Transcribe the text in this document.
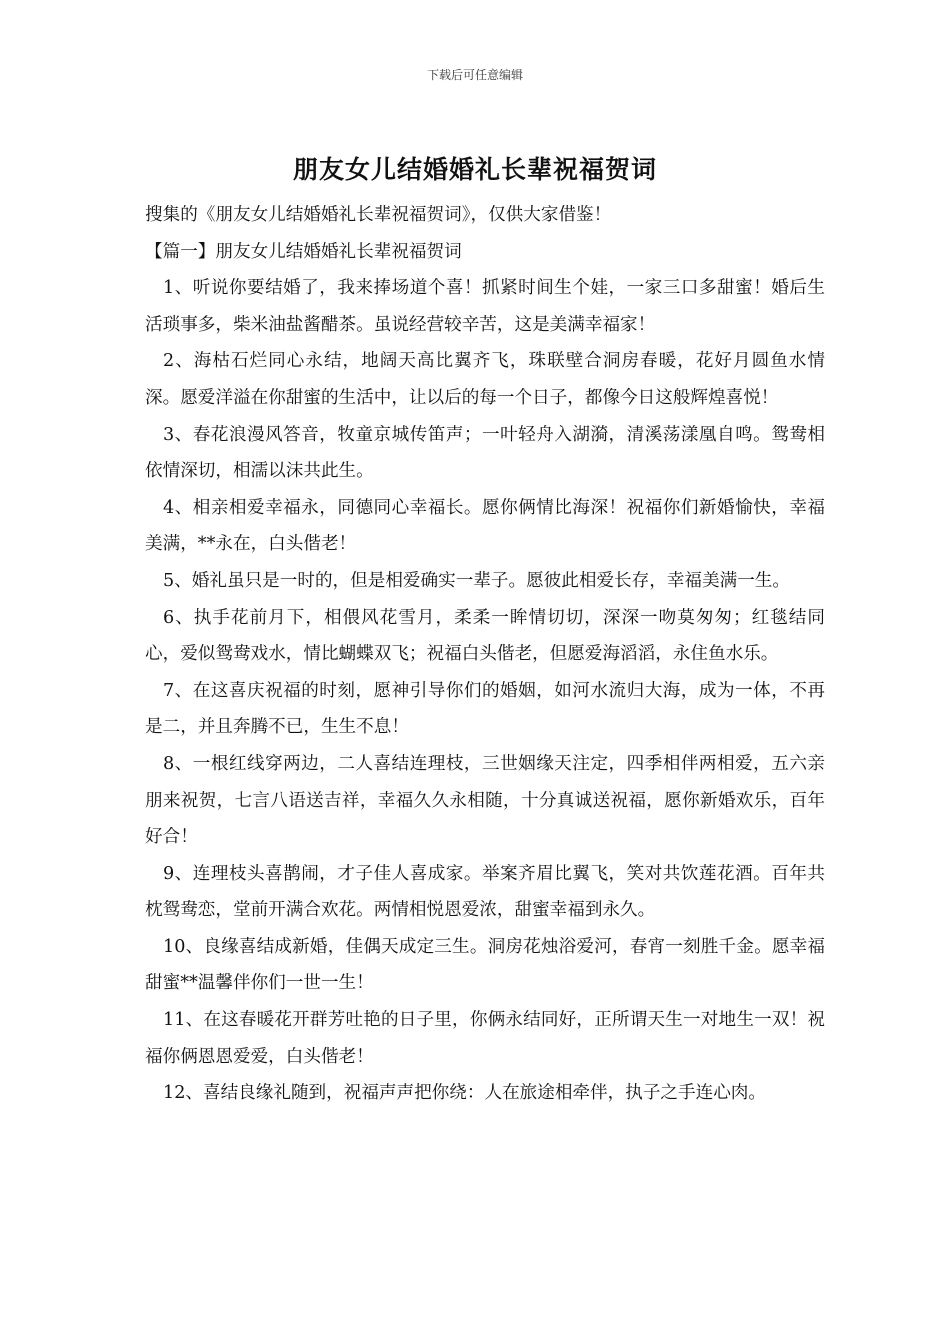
下载后可任意编辑
朋友女儿结婚婚礼长辈祝福贺词

搜集的《朋友女儿结婚婚礼长辈祝福贺词》，仅供大家借鉴！

【篇一】朋友女儿结婚婚礼长辈祝福贺词

1、听说你要结婚了，我来捧场道个喜！抓紧时间生个娃，一家三口多甜蜜！婚后生活琐事多，柴米油盐酱醋茶。虽说经营较辛苦，这是美满幸福家！

2、海枯石烂同心永结，地阔天高比翼齐飞，珠联壁合洞房春暖，花好月圆鱼水情深。愿爱洋溢在你甜蜜的生活中，让以后的每一个日子，都像今日这般辉煌喜悦！

3、春花浪漫风答音，牧童京城传笛声；一叶轻舟入湖漪，清溪荡漾凰自鸣。鸳鸯相依情深切，相濡以沫共此生。

4、相亲相爱幸福永，同德同心幸福长。愿你俩情比海深！祝福你们新婚愉快，幸福美满，**永在，白头偕老！

5、婚礼虽只是一时的，但是相爱确实一辈子。愿彼此相爱长存，幸福美满一生。

6、执手花前月下，相偎风花雪月，柔柔一眸情切切，深深一吻莫匆匆；红毯结同心，爱似鸳鸯戏水，情比蝴蝶双飞；祝福白头偕老，但愿爱海滔滔，永住鱼水乐。

7、在这喜庆祝福的时刻，愿神引导你们的婚姻，如河水流归大海，成为一体，不再是二，并且奔腾不已，生生不息！

8、一根红线穿两边，二人喜结连理枝，三世姻缘天注定，四季相伴两相爱，五六亲朋来祝贺，七言八语送吉祥，幸福久久永相随，十分真诚送祝福，愿你新婚欢乐，百年好合！

9、连理枝头喜鹊闹，才子佳人喜成家。举案齐眉比翼飞，笑对共饮莲花酒。百年共枕鸳鸯恋，堂前开满合欢花。两情相悦恩爱浓，甜蜜幸福到永久。

10、良缘喜结成新婚，佳偶天成定三生。洞房花烛浴爱河，春宵一刻胜千金。愿幸福甜蜜**温馨伴你们一世一生！

11、在这春暖花开群芳吐艳的日子里，你俩永结同好，正所谓天生一对地生一双！祝福你俩恩恩爱爱，白头偕老！

12、喜结良缘礼随到，祝福声声把你绕：人在旅途相牵伴，执子之手连心肉。
